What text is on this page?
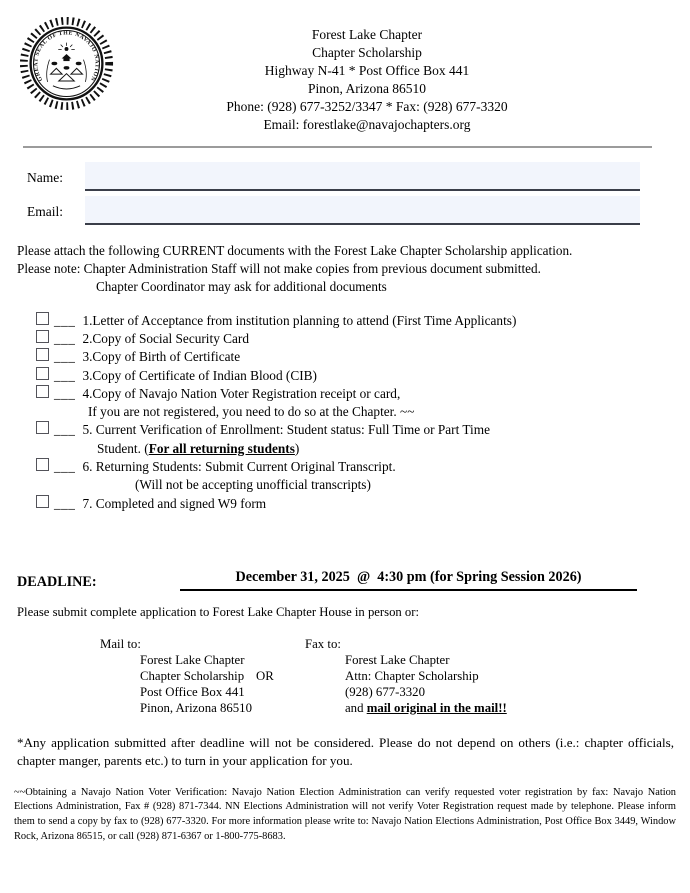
GREAT SEAL OF THE NAVAJO NATION
Forest Lake Chapter
Chapter Scholarship
Highway N-41 * Post Office Box 441
Pinon, Arizona 86510
Phone: (928) 677-3252/3347 * Fax: (928) 677-3320
Email: forestlake@navajochapters.org
Name:
Email:

Please attach the following CURRENT documents with the Forest Lake Chapter Scholarship application.

Please note: Chapter Administration Staff will not make copies from previous document submitted.

Chapter Coordinator may ask for additional documents

___ 1.Letter of Acceptance from institution planning to attend (First Time Applicants)
___ 2.Copy of Social Security Card
___ 3.Copy of Birth of Certificate
___ 3.Copy of Certificate of Indian Blood (CIB)
___ 4.Copy of Navajo Nation Voter Registration receipt or card,
If you are not registered, you need to do so at the Chapter. ~~
___ 5. Current Verification of Enrollment: Student status: Full Time or Part Time
Student. (For all returning students)
___ 6. Returning Students: Submit Current Original Transcript.
(Will not be accepting unofficial transcripts)
___ 7. Completed and signed W9 form
DEADLINE:	December 31, 2025  @  4:30 pm (for Spring Session 2026)
Please submit complete application to Forest Lake Chapter House in person or:
Mail to:
Forest Lake Chapter
Chapter Scholarship
Post Office Box 441
Pinon, Arizona 86510
OR
Fax to:
Forest Lake Chapter
Attn: Chapter Scholarship
(928) 677-3320
and mail original in the mail!!

*Any application submitted after deadline will not be considered. Please do not depend on others (i.e.: chapter officials, chapter manger, parents etc.) to turn in your application for you.

~~Obtaining a Navajo Nation Voter Verification: Navajo Nation Election Administration can verify requested voter registration by fax: Navajo Nation Elections Administration, Fax # (928) 871-7344. NN Elections Administration will not verify Voter Registration request made by telephone. Please inform them to send a copy by fax to (928) 677-3320. For more information please write to: Navajo Nation Elections Administration, Post Office Box 3449, Window Rock, Arizona 86515, or call (928) 871-6367 or 1-800-775-8683.
